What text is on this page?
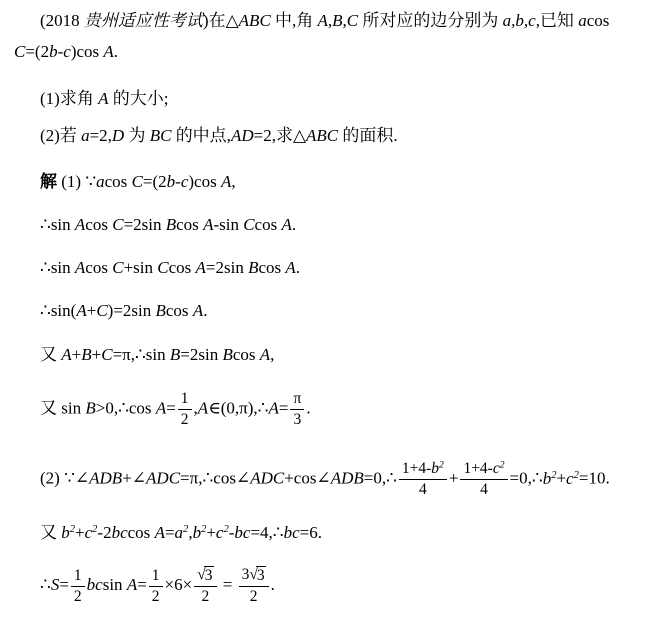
(2018 贵州适应性考试)在△ABC 中,角 A,B,C 所对应的边分别为 a,b,c,已知 acos
C=(2b-c)cos A.
(1)求角 A 的大小;
(2)若 a=2,D 为 BC 的中点,AD=2,求△ABC 的面积.
解 (1) ∵acos C=(2b-c)cos A,
∴sin Acos C=2sin Bcos A-sin Ccos A.
∴sin Acos C+sin Ccos A=2sin Bcos A.
∴sin(A+C)=2sin Bcos A.
又 A+B+C=π,∴sin B=2sin Bcos A,
又 sin B>0,∴cos $A= \frac{1}{2}$ ,A∈(0,π),∴A= $\frac{\pi}{3}$ .
(2) ∵∠ADB+∠ADC=π,∴cos∠ADC+cos∠ADB=0,∴ $\frac{1+4-b^2}{4} + \frac{1+4-c^2}{4}$ $=0,\therefore b^2+c^2=10$.
又 $b^2+c^2-2bccos$ $A=a^2,b^2+c^2-bc=4,\therefore bc=6$.
∴S= $\frac{1}{2}$ bcsin $A= \frac{1}{2} \times 6\times \frac{√ 3}{2} = \frac{3 √ 3}{2}$ .
